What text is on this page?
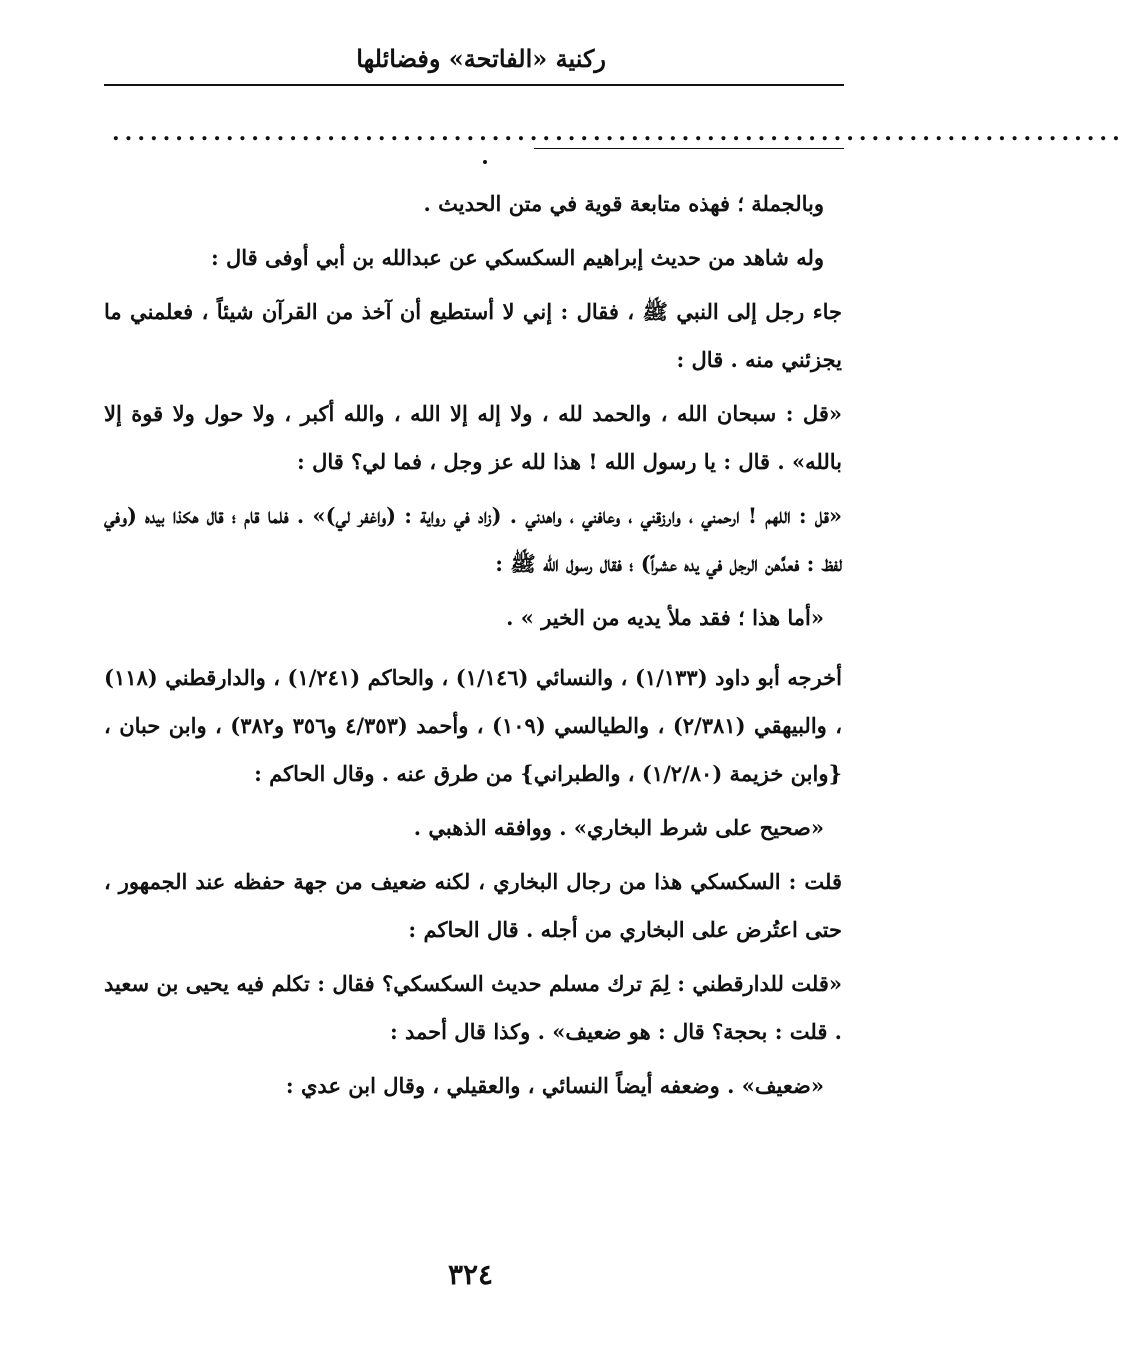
ركنية «الفاتحة» وفضائلها
................................................................................

وبالجملة ؛ فهذه متابعة قوية في متن الحديث .

وله شاهد من حديث إبراهيم السكسكي عن عبدالله بن أبي أوفى قال :

جاء رجل إلى النبي ﷺ ، فقال : إني لا أستطيع أن آخذ من القرآن شيئاً ، فعلمني ما يجزئني منه . قال :

«قل : سبحان الله ، والحمد لله ، ولا إله إلا الله ، والله أكبر ، ولا حول ولا قوة إلا بالله» . قال : يا رسول الله ! هذا لله عز وجل ، فما لي؟ قال :

«قل : اللهم ! ارحمني ، وارزقني ، وعافني ، واهدني . (زاد في رواية : (واغفر لي)» . فلما قام ؛ قال هكذا بيده (وفي لفظ : فعدَّهن الرجل في يده عشراً) ؛ فقال رسول الله ﷺ :

«أما هذا ؛ فقد ملأ يديه من الخير » .

أخرجه أبو داود (١/١٣٣) ، والنسائي (١/١٤٦) ، والحاكم (١/٢٤١) ، والدارقطني (١١٨) ، والبيهقي (٢/٣٨١) ، والطيالسي (١٠٩) ، وأحمد (٤/٣٥٣ و٣٥٦ و٣٨٢) ، وابن حبان ، {وابن خزيمة (١/٢/٨٠) ، والطبراني} من طرق عنه . وقال الحاكم :

«صحيح على شرط البخاري» . ووافقه الذهبي .

قلت : السكسكي هذا من رجال البخاري ، لكنه ضعيف من جهة حفظه عند الجمهور ، حتى اعتُرض على البخاري من أجله . قال الحاكم :

«قلت للدارقطني : لِمَ ترك مسلم حديث السكسكي؟ فقال : تكلم فيه يحيى بن سعيد . قلت : بحجة؟ قال : هو ضعيف» . وكذا قال أحمد :

«ضعيف» . وضعفه أيضاً النسائي ، والعقيلي ، وقال ابن عدي :

٣٢٤
